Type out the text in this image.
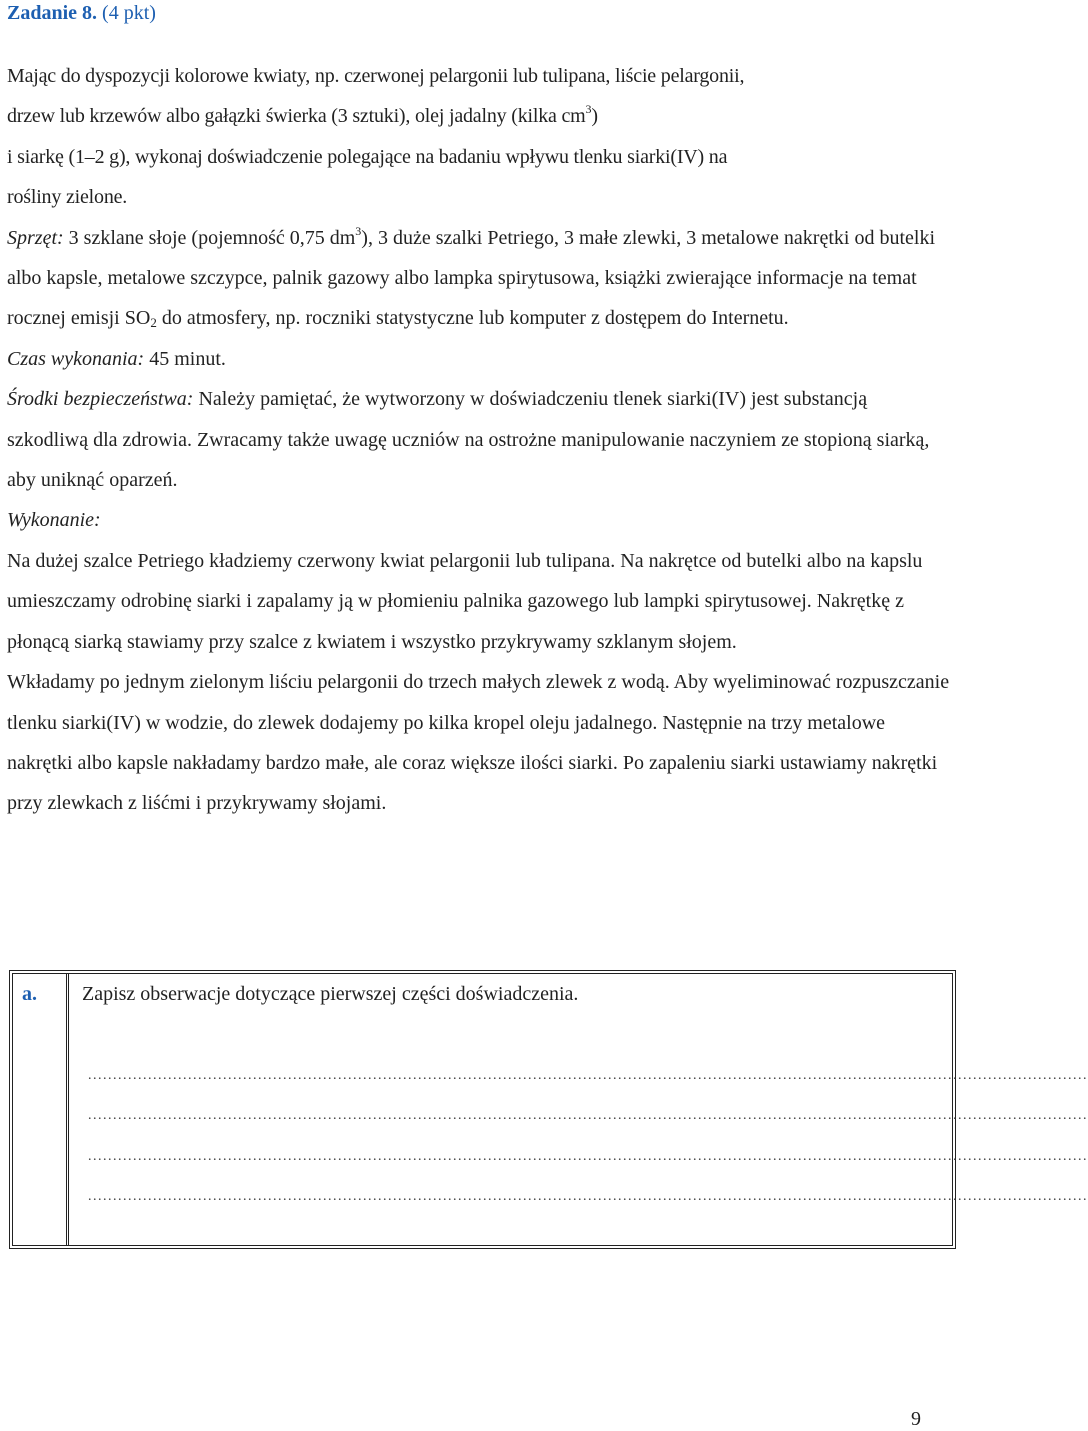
Zadanie 8. (4 pkt)

Mając do dyspozycji kolorowe kwiaty, np. czerwonej pelargonii lub tulipana, liście pelargonii,
drzew lub krzewów albo gałązki świerka (3 sztuki), olej jadalny (kilka $cm^3$)
i siarkę (1–2 g), wykonaj doświadczenie polegające na badaniu wpływu tlenku siarki(IV) na
rośliny zielone.

Sprzęt: 3 szklane słoje (pojemność 0,75 $dm^3$), 3 duże szalki Petriego, 3 małe zlewki, 3 metalowe nakrętki od butelki albo kapsle, metalowe szczypce, palnik gazowy albo lampka spirytusowa, książki zwierające informacje na temat rocznej emisji $SO_2$ do atmosfery, np. roczniki statystyczne lub komputer z dostępem do Internetu.

Czas wykonania: 45 minut.

Środki bezpieczeństwa: Należy pamiętać, że wytworzony w doświadczeniu tlenek siarki(IV) jest substancją szkodliwą dla zdrowia. Zwracamy także uwagę uczniów na ostrożne manipulowanie naczyniem ze stopioną siarką, aby uniknąć oparzeń.

Wykonanie:

Na dużej szalce Petriego kładziemy czerwony kwiat pelargonii lub tulipana. Na nakrętce od butelki albo na kapslu umieszczamy odrobinę siarki i zapalamy ją w płomieniu palnika gazowego lub lampki spirytusowej. Nakrętkę z płonącą siarką stawiamy przy szalce z kwiatem i wszystko przykrywamy szklanym słojem.

Wkładamy po jednym zielonym liściu pelargonii do trzech małych zlewek z wodą. Aby wyeliminować rozpuszczanie tlenku siarki(IV) w wodzie, do zlewek dodajemy po kilka kropel oleju jadalnego. Następnie na trzy metalowe nakrętki albo kapsle nakładamy bardzo małe, ale coraz większe ilości siarki. Po zapaleniu siarki ustawiamy nakrętki przy zlewkach z liśćmi i przykrywamy słojami.

a. Zapisz obserwacje dotyczące pierwszej części doświadczenia.
........................................................................................................................................................................................................
........................................................................................................................................................................................................
........................................................................................................................................................................................................
........................................................................................................................................................................................................
9
